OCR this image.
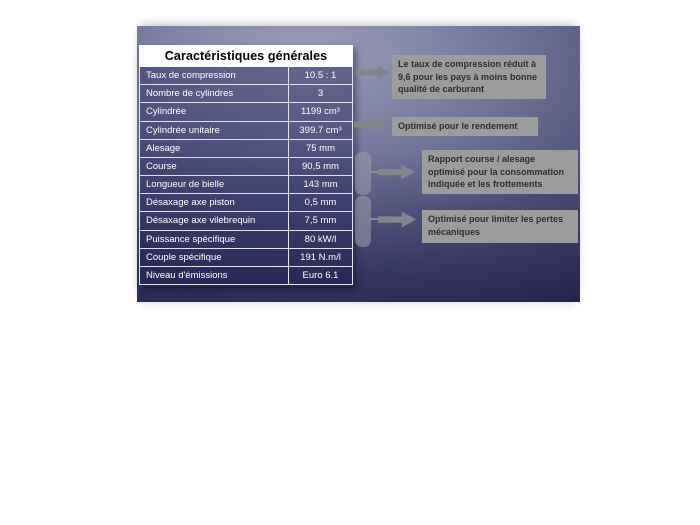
Caractéristiques générales
Taux de compression	10.5 : 1
Nombre de cylindres	3
Cylindrée	1199 cm³
Cylindrée unitaire	399.7 cm³
Alesage	75 mm
Course	90,5 mm
Longueur de bielle	143 mm
Désaxage axe piston	0,5 mm
Désaxage axe vilebrequin	7,5 mm
Puissance spécifique	80 kW/l
Couple spécifique	191 N.m/l
Niveau d'émissions	Euro 6.1
Le taux de compression réduit à 9,6 pour les pays à moins bonne qualité de carburant
Optimisé pour le rendement
Rapport course / alesage optimisé pour la consommation indiquée et les frottements
Optimisé pour limiter les pertes mécaniques
